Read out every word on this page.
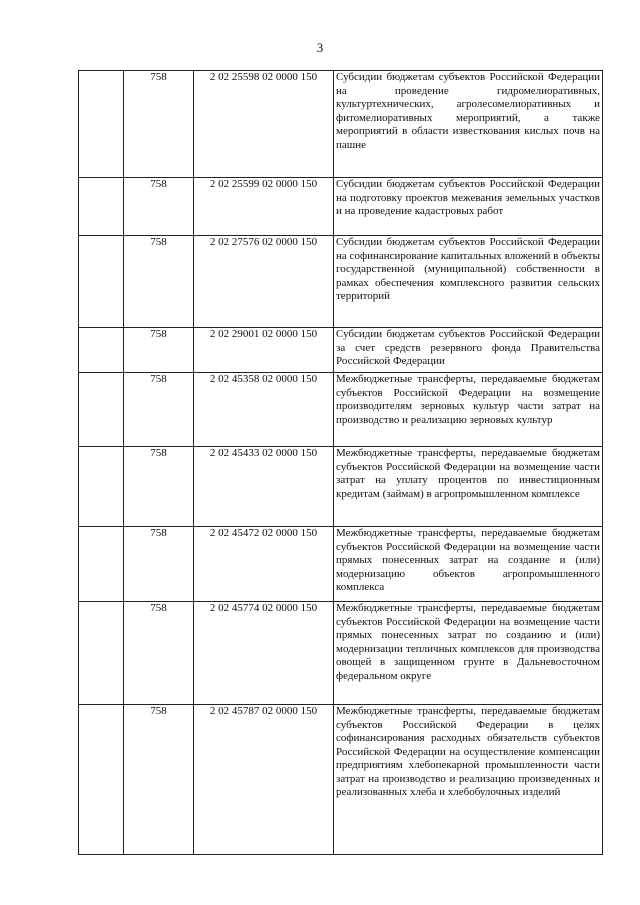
3
	758	2 02 25598 02 0000 150	Субсидии бюджетам субъектов Российской Федерации на проведение гидромелиоративных, культуртехнических, агролесомелиоративных и фитомелиоративных мероприятий, а также мероприятий в области известкования кислых почв на пашне
	758	2 02 25599 02 0000 150	Субсидии бюджетам субъектов Российской Федерации на подготовку проектов межевания земельных участков и на проведение кадастровых работ
	758	2 02 27576 02 0000 150	Субсидии бюджетам субъектов Российской Федерации на софинансирование капитальных вложений в объекты государственной (муниципальной) собственности в рамках обеспечения комплексного развития сельских территорий
	758	2 02 29001 02 0000 150	Субсидии бюджетам субъектов Российской Федерации за счет средств резервного фонда Правительства Российской Федерации
	758	2 02 45358 02 0000 150	Межбюджетные трансферты, передаваемые бюджетам субъектов Российской Федерации на возмещение производителям зерновых культур части затрат на производство и реализацию зерновых культур
	758	2 02 45433 02 0000 150	Межбюджетные трансферты, передаваемые бюджетам субъектов Российской Федерации на возмещение части затрат на уплату процентов по инвестиционным кредитам (займам) в агропромышленном комплексе
	758	2 02 45472 02 0000 150	Межбюджетные трансферты, передаваемые бюджетам субъектов Российской Федерации на возмещение части прямых понесенных затрат на создание и (или) модернизацию объектов агропромышленного комплекса
	758	2 02 45774 02 0000 150	Межбюджетные трансферты, передаваемые бюджетам субъектов Российской Федерации на возмещение части прямых понесенных затрат по созданию и (или) модернизации тепличных комплексов для производства овощей в защищенном грунте в Дальневосточном федеральном округе
	758	2 02 45787 02 0000 150	Межбюджетные трансферты, передаваемые бюджетам субъектов Российской Федерации в целях софинансирования расходных обязательств субъектов Российской Федерации на осуществление компенсации предприятиям хлебопекарной промышленности части затрат на производство и реализацию произведенных и реализованных хлеба и хлебобулочных изделий
